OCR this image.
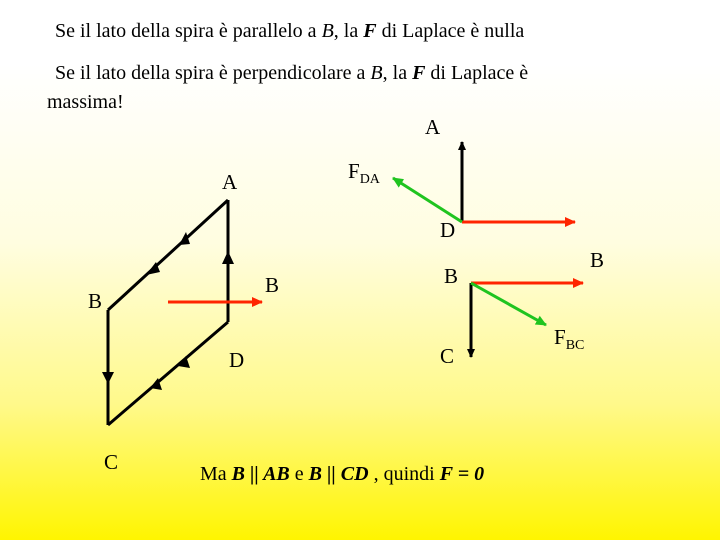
Se il lato della spira è parallelo a B, la F di Laplace è nulla
Se il lato della spira è perpendicolare a B, la F di Laplace è
massima!
A
B
B
D
C
A
$F_{DA}$
D
B
B
C
$F_{BC}$
Ma B || AB e B || CD , quindi F = 0
